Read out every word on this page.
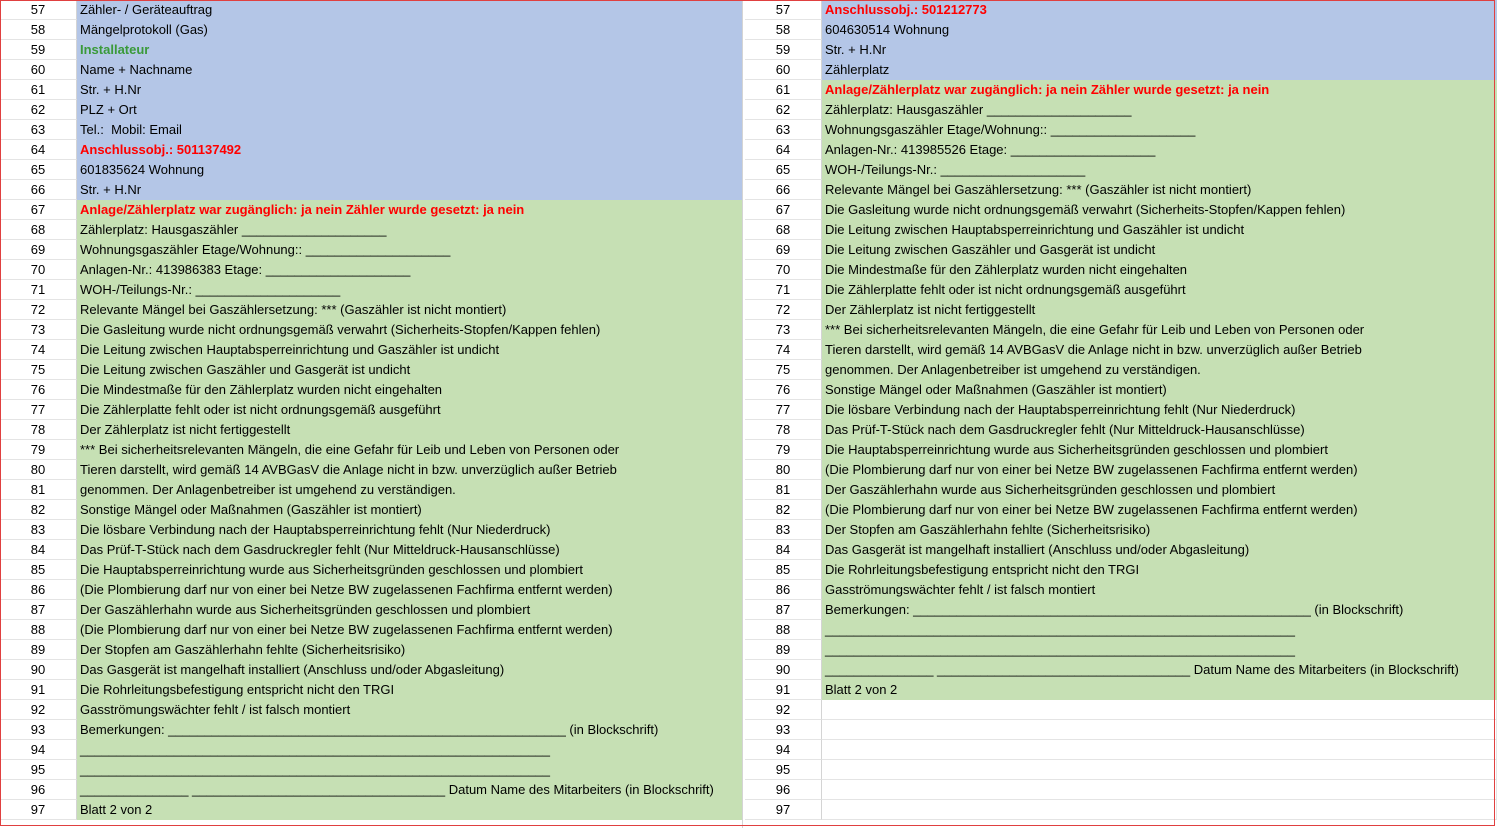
57	Zähler- / Geräteauftrag
58	Mängelprotokoll (Gas)
59	Installateur
60	Name + Nachname
61	Str. + H.Nr
62	PLZ + Ort
63	Tel.:  Mobil: Email
64	Anschlussobj.: 501137492
65	601835624 Wohnung
66	Str. + H.Nr
67	Anlage/Zählerplatz war zugänglich: ja nein Zähler wurde gesetzt: ja nein
68	Zählerplatz: Hausgaszähler ____________________
69	Wohnungsgaszähler Etage/Wohnung:: ____________________
70	Anlagen-Nr.: 413986383 Etage: ____________________
71	WOH-/Teilungs-Nr.: ____________________
72	Relevante Mängel bei Gaszählersetzung: *** (Gaszähler ist nicht montiert)
73	Die Gasleitung wurde nicht ordnungsgemäß verwahrt (Sicherheits-Stopfen/Kappen fehlen)
74	Die Leitung zwischen Hauptabsperreinrichtung und Gaszähler ist undicht
75	Die Leitung zwischen Gaszähler und Gasgerät ist undicht
76	Die Mindestmaße für den Zählerplatz wurden nicht eingehalten
77	Die Zählerplatte fehlt oder ist nicht ordnungsgemäß ausgeführt
78	Der Zählerplatz ist nicht fertiggestellt
79	*** Bei sicherheitsrelevanten Mängeln, die eine Gefahr für Leib und Leben von Personen oder
80	Tieren darstellt, wird gemäß 14 AVBGasV die Anlage nicht in bzw. unverzüglich außer Betrieb
81	genommen. Der Anlagenbetreiber ist umgehend zu verständigen.
82	Sonstige Mängel oder Maßnahmen (Gaszähler ist montiert)
83	Die lösbare Verbindung nach der Hauptabsperreinrichtung fehlt (Nur Niederdruck)
84	Das Prüf-T-Stück nach dem Gasdruckregler fehlt (Nur Mitteldruck-Hausanschlüsse)
85	Die Hauptabsperreinrichtung wurde aus Sicherheitsgründen geschlossen und plombiert
86	(Die Plombierung darf nur von einer bei Netze BW zugelassenen Fachfirma entfernt werden)
87	Der Gaszählerhahn wurde aus Sicherheitsgründen geschlossen und plombiert
88	(Die Plombierung darf nur von einer bei Netze BW zugelassenen Fachfirma entfernt werden)
89	Der Stopfen am Gaszählerhahn fehlte (Sicherheitsrisiko)
90	Das Gasgerät ist mangelhaft installiert (Anschluss und/oder Abgasleitung)
91	Die Rohrleitungsbefestigung entspricht nicht den TRGI
92	Gasströmungswächter fehlt / ist falsch montiert
93	Bemerkungen: _______________________________________________________ (in Blockschrift)
94	_________________________________________________________________
95	_________________________________________________________________
96	_______________ ___________________________________ Datum Name des Mitarbeiters (in Blockschrift)
97	Blatt 2 von 2
57	Anschlussobj.: 501212773
58	604630514 Wohnung
59	Str. + H.Nr
60	Zählerplatz
61	Anlage/Zählerplatz war zugänglich: ja nein Zähler wurde gesetzt: ja nein
62	Zählerplatz: Hausgaszähler ____________________
63	Wohnungsgaszähler Etage/Wohnung:: ____________________
64	Anlagen-Nr.: 413985526 Etage: ____________________
65	WOH-/Teilungs-Nr.: ____________________
66	Relevante Mängel bei Gaszählersetzung: *** (Gaszähler ist nicht montiert)
67	Die Gasleitung wurde nicht ordnungsgemäß verwahrt (Sicherheits-Stopfen/Kappen fehlen)
68	Die Leitung zwischen Hauptabsperreinrichtung und Gaszähler ist undicht
69	Die Leitung zwischen Gaszähler und Gasgerät ist undicht
70	Die Mindestmaße für den Zählerplatz wurden nicht eingehalten
71	Die Zählerplatte fehlt oder ist nicht ordnungsgemäß ausgeführt
72	Der Zählerplatz ist nicht fertiggestellt
73	*** Bei sicherheitsrelevanten Mängeln, die eine Gefahr für Leib und Leben von Personen oder
74	Tieren darstellt, wird gemäß 14 AVBGasV die Anlage nicht in bzw. unverzüglich außer Betrieb
75	genommen. Der Anlagenbetreiber ist umgehend zu verständigen.
76	Sonstige Mängel oder Maßnahmen (Gaszähler ist montiert)
77	Die lösbare Verbindung nach der Hauptabsperreinrichtung fehlt (Nur Niederdruck)
78	Das Prüf-T-Stück nach dem Gasdruckregler fehlt (Nur Mitteldruck-Hausanschlüsse)
79	Die Hauptabsperreinrichtung wurde aus Sicherheitsgründen geschlossen und plombiert
80	(Die Plombierung darf nur von einer bei Netze BW zugelassenen Fachfirma entfernt werden)
81	Der Gaszählerhahn wurde aus Sicherheitsgründen geschlossen und plombiert
82	(Die Plombierung darf nur von einer bei Netze BW zugelassenen Fachfirma entfernt werden)
83	Der Stopfen am Gaszählerhahn fehlte (Sicherheitsrisiko)
84	Das Gasgerät ist mangelhaft installiert (Anschluss und/oder Abgasleitung)
85	Die Rohrleitungsbefestigung entspricht nicht den TRGI
86	Gasströmungswächter fehlt / ist falsch montiert
87	Bemerkungen: _______________________________________________________ (in Blockschrift)
88	_________________________________________________________________
89	_________________________________________________________________
90	_______________ ___________________________________ Datum Name des Mitarbeiters (in Blockschrift)
91	Blatt 2 von 2
92
93
94
95
96
97
